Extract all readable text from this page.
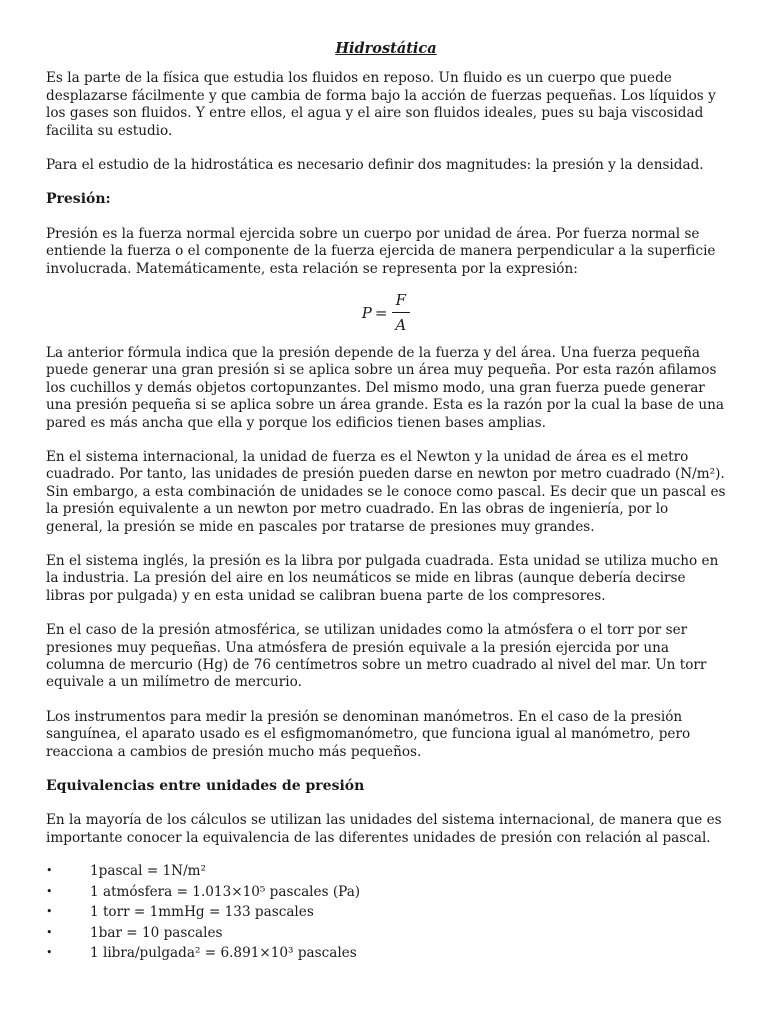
Hidrostática

Es la parte de la física que estudia los fluidos en reposo. Un fluido es un cuerpo que puede desplazarse fácilmente y que cambia de forma bajo la acción de fuerzas pequeñas. Los líquidos y los gases son fluidos. Y entre ellos, el agua y el aire son fluidos ideales, pues su baja viscosidad facilita su estudio.

Para el estudio de la hidrostática es necesario definir dos magnitudes: la presión y la densidad.

Presión:

Presión es la fuerza normal ejercida sobre un cuerpo por unidad de área. Por fuerza normal se entiende la fuerza o el componente de la fuerza ejercida de manera perpendicular a la superficie involucrada. Matemáticamente, esta relación se representa por la expresión:

$P = \frac{F}{A}$

La anterior fórmula indica que la presión depende de la fuerza y del área. Una fuerza pequeña puede generar una gran presión si se aplica sobre un área muy pequeña. Por esta razón afilamos los cuchillos y demás objetos cortopunzantes. Del mismo modo, una gran fuerza puede generar una presión pequeña si se aplica sobre un área grande. Esta es la razón por la cual la base de una pared es más ancha que ella y porque los edificios tienen bases amplias.

En el sistema internacional, la unidad de fuerza es el Newton y la unidad de área es el metro cuadrado. Por tanto, las unidades de presión pueden darse en newton por metro cuadrado (N/m²). Sin embargo, a esta combinación de unidades se le conoce como pascal. Es decir que un pascal es la presión equivalente a un newton por metro cuadrado. En las obras de ingeniería, por lo general, la presión se mide en pascales por tratarse de presiones muy grandes.

En el sistema inglés, la presión es la libra por pulgada cuadrada. Esta unidad se utiliza mucho en la industria. La presión del aire en los neumáticos se mide en libras (aunque debería decirse libras por pulgada) y en esta unidad se calibran buena parte de los compresores.

En el caso de la presión atmosférica, se utilizan unidades como la atmósfera o el torr por ser presiones muy pequeñas. Una atmósfera de presión equivale a la presión ejercida por una columna de mercurio (Hg) de 76 centímetros sobre un metro cuadrado al nivel del mar. Un torr equivale a un milímetro de mercurio.

Los instrumentos para medir la presión se denominan manómetros. En el caso de la presión sanguínea, el aparato usado es el esfigmomanómetro, que funciona igual al manómetro, pero reacciona a cambios de presión mucho más pequeños.

Equivalencias entre unidades de presión

En la mayoría de los cálculos se utilizan las unidades del sistema internacional, de manera que es importante conocer la equivalencia de las diferentes unidades de presión con relación al pascal.

•	1pascal = 1N/m²
•	1 atmósfera = 1.013×10⁵ pascales (Pa)
•	1 torr = 1mmHg = 133 pascales
•	1bar = 10 pascales
•	1 libra/pulgada² = 6.891×10³ pascales
